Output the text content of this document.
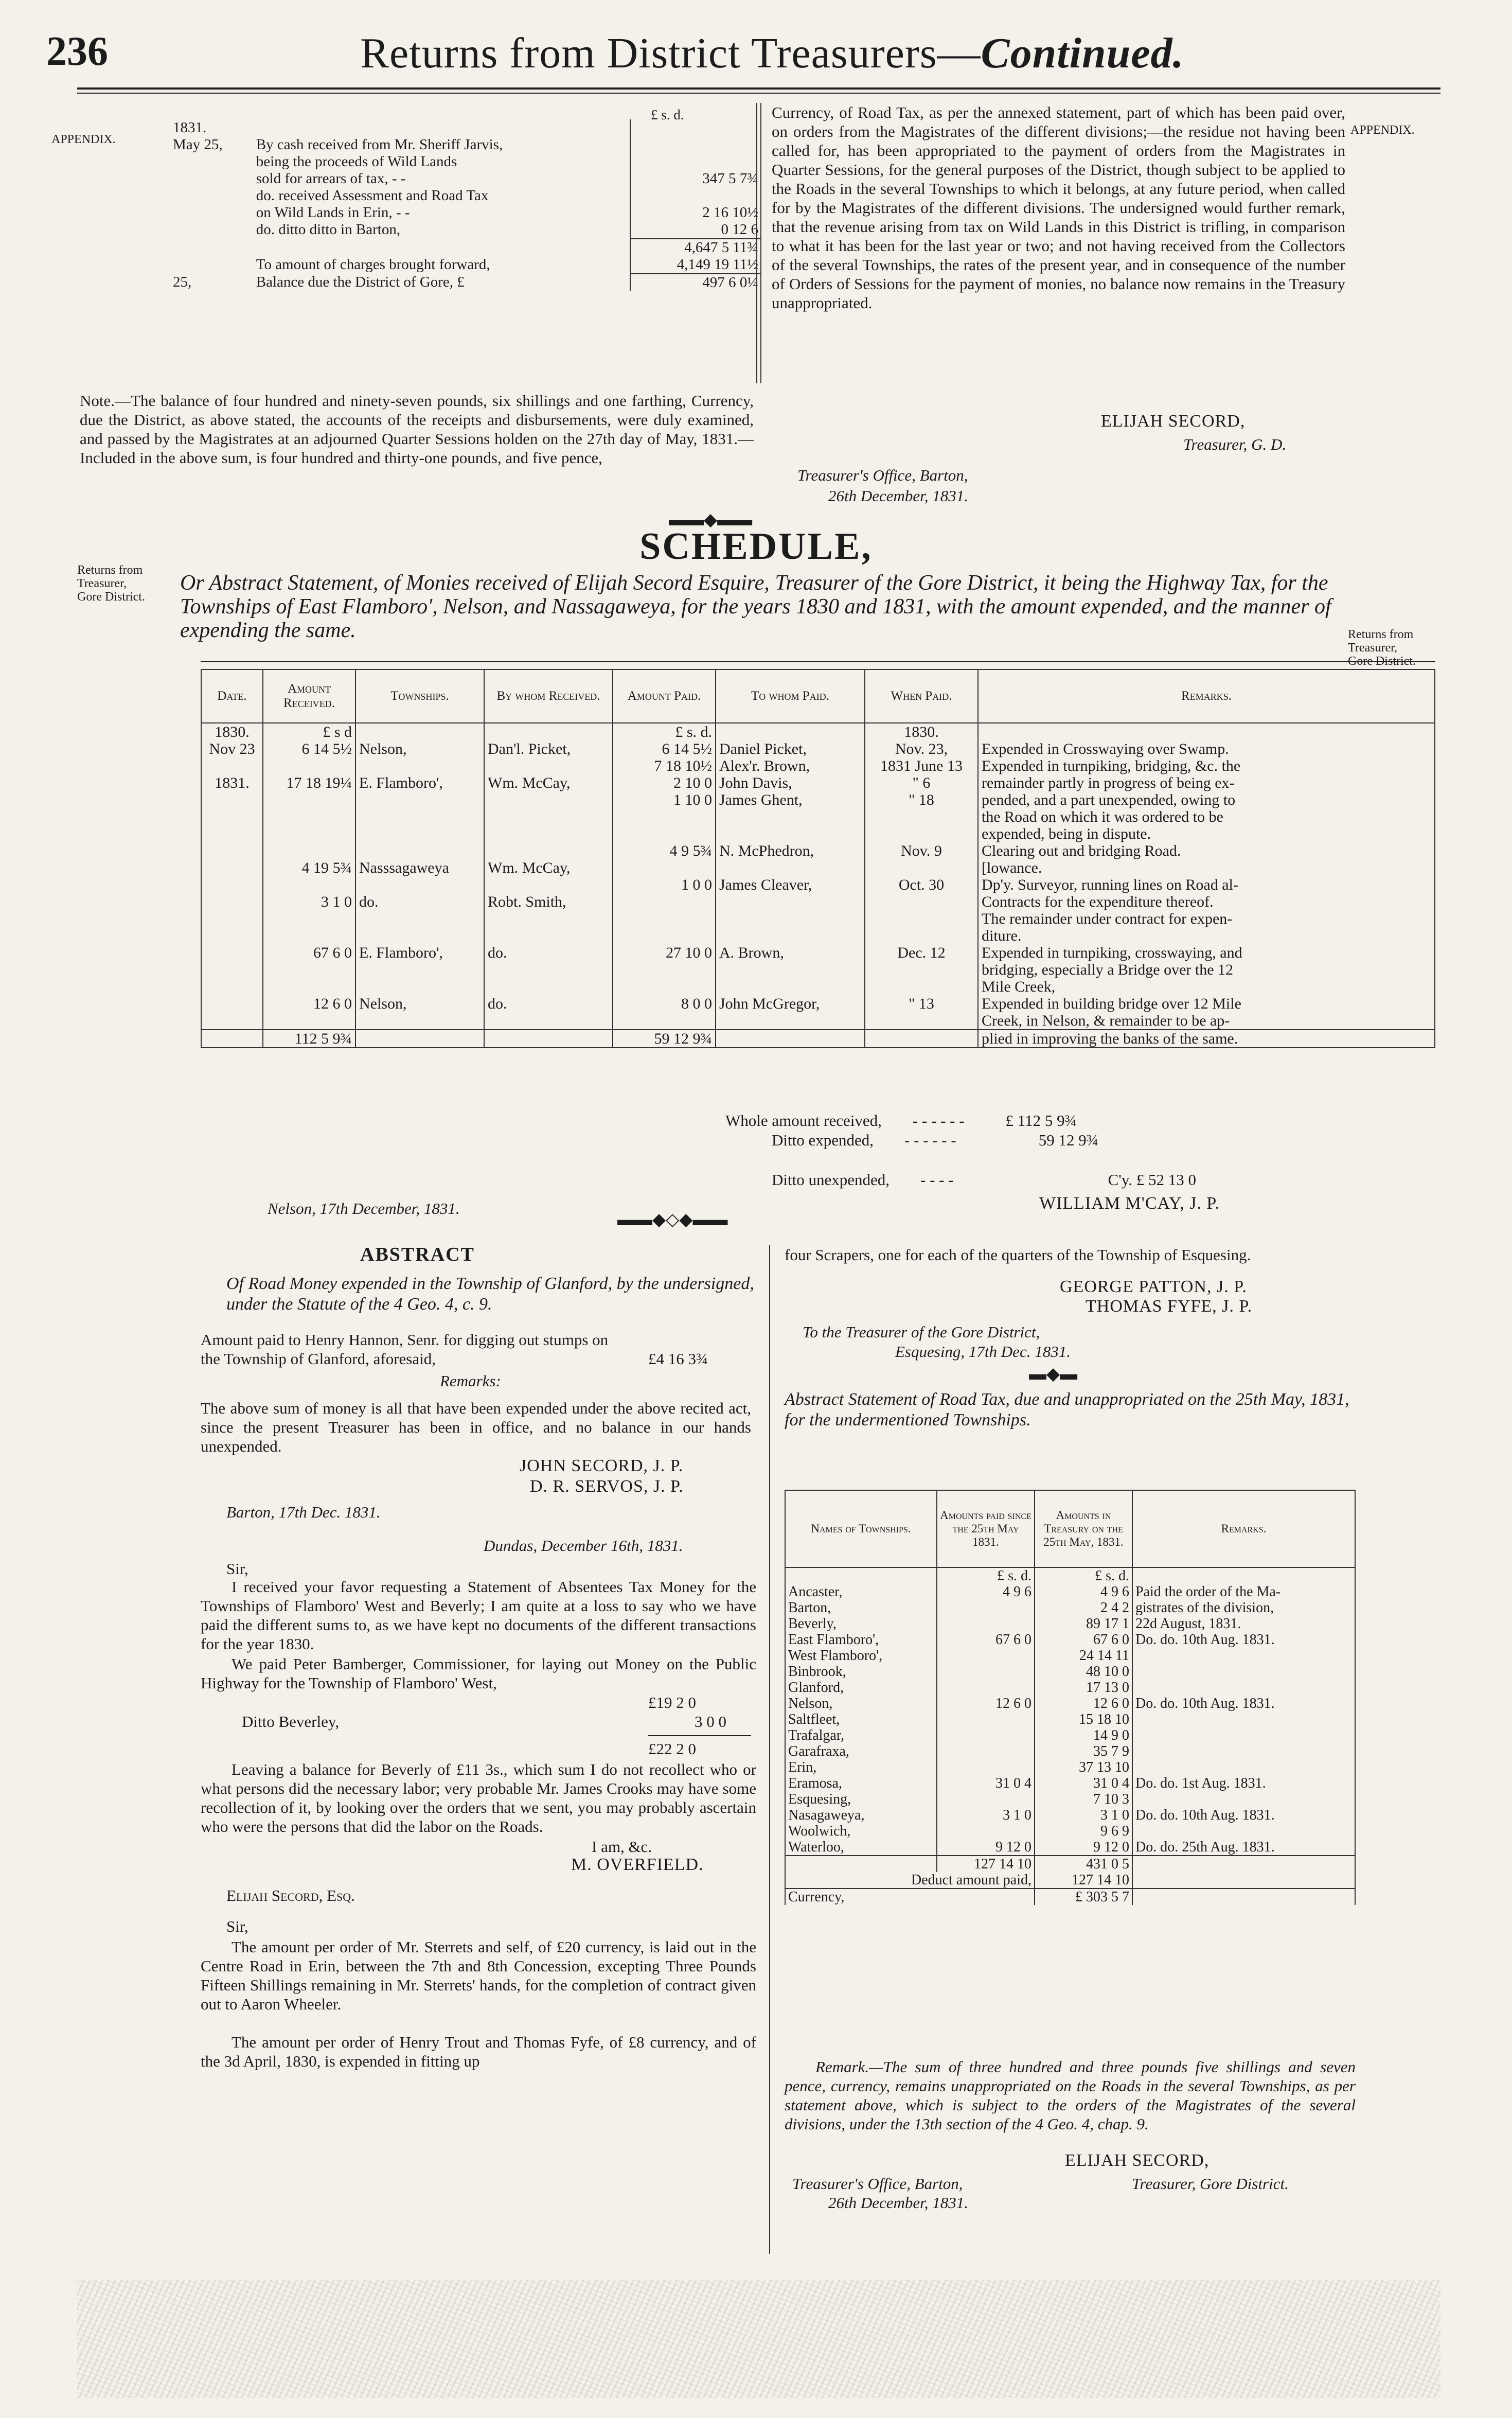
236	Returns from District Treasurers—Continued.
APPENDIX.
APPENDIX.
Returns from
Treasurer,
Gore District.
Returns from
Treasurer,
Gore District.
£ s. d.
1831.		
May 25,	By cash received from Mr. Sheriff Jarvis,	
	being the proceeds of Wild Lands	
	sold for arrears of tax, - -	347 5 7¾
	do. received Assessment and Road Tax	
	on Wild Lands in Erin, - -	2 16 10½
	do. ditto ditto in Barton,	0 12 6

		4,647 5 11¾
	To amount of charges brought forward,	4,149 19 11½

25,	Balance due the District of Gore, £	497 6 0¼
Note.—The balance of four hundred and ninety-seven pounds, six shillings and one farthing, Currency, due the District, as above stated, the accounts of the receipts and disbursements, were duly examined, and passed by the Magistrates at an adjourned Quarter Sessions holden on the 27th day of May, 1831.—Included in the above sum, is four hundred and thirty-one pounds, and five pence,
Currency, of Road Tax, as per the annexed statement, part of which has been paid over, on orders from the Magistrates of the different divisions;—the residue not having been called for, has been appropriated to the payment of orders from the Magistrates in Quarter Sessions, for the general purposes of the District, though subject to be applied to the Roads in the several Townships to which it belongs, at any future period, when called for by the Magistrates of the different divisions. The undersigned would further remark, that the revenue arising from tax on Wild Lands in this District is trifling, in comparison to what it has been for the last year or two; and not having received from the Collectors of the several Townships, the rates of the present year, and in consequence of the number of Orders of Sessions for the payment of monies, no balance now remains in the Treasury unappropriated.
ELIJAH SECORD,
Treasurer, G. D.
Treasurer's Office, Barton,
26th December, 1831.
▬▬◆▬▬
SCHEDULE,
Or Abstract Statement, of Monies received of Elijah Secord Esquire, Treasurer of the Gore District, it being the Highway Tax, for the Townships of East Flamboro', Nelson, and Nassagaweya, for the years 1830 and 1831, with the amount expended, and the manner of expending the same.
Date.	Amount Received.	Townships.	By whom Received.	Amount Paid.	To whom Paid.	When Paid.	Remarks.
1830.	£ s d			£ s. d.		1830.	
Nov 23	6 14 5½	Nelson,	Dan'l. Picket,	6 14 5½	Daniel Picket,	Nov. 23,	Expended in Crosswaying over Swamp.
				7 18 10½	Alex'r. Brown,	1831 June 13	Expended in turnpiking, bridging, &c. the
1831.	17 18 19¼	E. Flamboro',	Wm. McCay,	2 10 0	John Davis,	" 6	remainder partly in progress of being ex-
				1 10 0	James Ghent,	" 18	pended, and a part unexpended, owing to
							the Road on which it was ordered to be
							expended, being in dispute.
				4 9 5¾	N. McPhedron,	Nov. 9	Clearing out and bridging Road.
	4 19 5¾	Nasssagaweya	Wm. McCay,				[lowance.
				1 0 0	James Cleaver,	Oct. 30	Dp'y. Surveyor, running lines on Road al-
	3 1 0	do.	Robt. Smith,				Contracts for the expenditure thereof.
							The remainder under contract for expen-
							diture.
	67 6 0	E. Flamboro',	do.	27 10 0	A. Brown,	Dec. 12	Expended in turnpiking, crosswaying, and
							bridging, especially a Bridge over the 12
							Mile Creek,
	12 6 0	Nelson,	do.	8 0 0	John McGregor,	" 13	Expended in building bridge over 12 Mile
							Creek, in Nelson, & remainder to be ap-
	112 5 9¾			59 12 9¾			plied in improving the banks of the same.
Whole amount received, - - - - - -	£ 112 5 9¾
Ditto expended, - - - - - -	59 12 9¾
Ditto unexpended, - - - -	C'y. £ 52 13 0
Nelson, 17th December, 1831.	WILLIAM M'CAY, J. P.
▬▬◆◇◆▬▬
ABSTRACT
Of Road Money expended in the Township of Glanford, by the undersigned, under the Statute of the 4 Geo. 4, c. 9.
Amount paid to Henry Hannon, Senr. for digging out stumps on the Township of Glanford, aforesaid,	£4 16 3¾
Remarks:
The above sum of money is all that have been expended under the above recited act, since the present Treasurer has been in office, and no balance in our hands unexpended.
JOHN SECORD, J. P.
D. R. SERVOS, J. P.
Barton, 17th Dec. 1831.
Dundas, December 16th, 1831.
Sir,
I received your favor requesting a Statement of Absentees Tax Money for the Townships of Flamboro' West and Beverly; I am quite at a loss to say who we have paid the different sums to, as we have kept no documents of the different transactions for the year 1830.
We paid Peter Bamberger, Commissioner, for laying out Money on the Public Highway for the Township of Flamboro' West,
£19 2 0
Ditto Beverley,	3 0 0
£22 2 0
Leaving a balance for Beverly of £11 3s., which sum I do not recollect who or what persons did the necessary labor; very probable Mr. James Crooks may have some recollection of it, by looking over the orders that we sent, you may probably ascertain who were the persons that did the labor on the Roads.
I am, &c.
M. OVERFIELD.
Elijah Secord, Esq.
Sir,
The amount per order of Mr. Sterrets and self, of £20 currency, is laid out in the Centre Road in Erin, between the 7th and 8th Concession, excepting Three Pounds Fifteen Shillings remaining in Mr. Sterrets' hands, for the completion of contract given out to Aaron Wheeler.
The amount per order of Henry Trout and Thomas Fyfe, of £8 currency, and of the 3d April, 1830, is expended in fitting up
four Scrapers, one for each of the quarters of the Township of Esquesing.
GEORGE PATTON, J. P.
THOMAS FYFE, J. P.
To the Treasurer of the Gore District,
Esquesing, 17th Dec. 1831.
▬◆▬
Abstract Statement of Road Tax, due and unappropriated on the 25th May, 1831, for the undermentioned Townships.
Names of Townships.	Amounts paid since the 25th May 1831.	Amounts in Treasury on the 25th May, 1831.	Remarks.
	£ s. d.	£ s. d.	
Ancaster,	4 9 6	4 9 6	Paid the order of the Ma-
Barton,		2 4 2	gistrates of the division,
Beverly,		89 17 1	22d August, 1831.
East Flamboro',	67 6 0	67 6 0	Do. do. 10th Aug. 1831.
West Flamboro',		24 14 11	
Binbrook,		48 10 0	
Glanford,		17 13 0	
Nelson,	12 6 0	12 6 0	Do. do. 10th Aug. 1831.
Saltfleet,		15 18 10	
Trafalgar,		14 9 0	
Garafraxa,		35 7 9	
Erin,		37 13 10	
Eramosa,	31 0 4	31 0 4	Do. do. 1st Aug. 1831.
Esquesing,		7 10 3	
Nasagaweya,	3 1 0	3 1 0	Do. do. 10th Aug. 1831.
Woolwich,		9 6 9	
Waterloo,	9 12 0	9 12 0	Do. do. 25th Aug. 1831.
	127 14 10	431 0 5	
Deduct amount paid,		127 14 10	
Currency,		£ 303 5 7	
Remark.—The sum of three hundred and three pounds five shillings and seven pence, currency, remains unappropriated on the Roads in the several Townships, as per statement above, which is subject to the orders of the Magistrates of the several divisions, under the 13th section of the 4 Geo. 4, chap. 9.
ELIJAH SECORD,
Treasurer's Office, Barton,	Treasurer, Gore District.
26th December, 1831.
